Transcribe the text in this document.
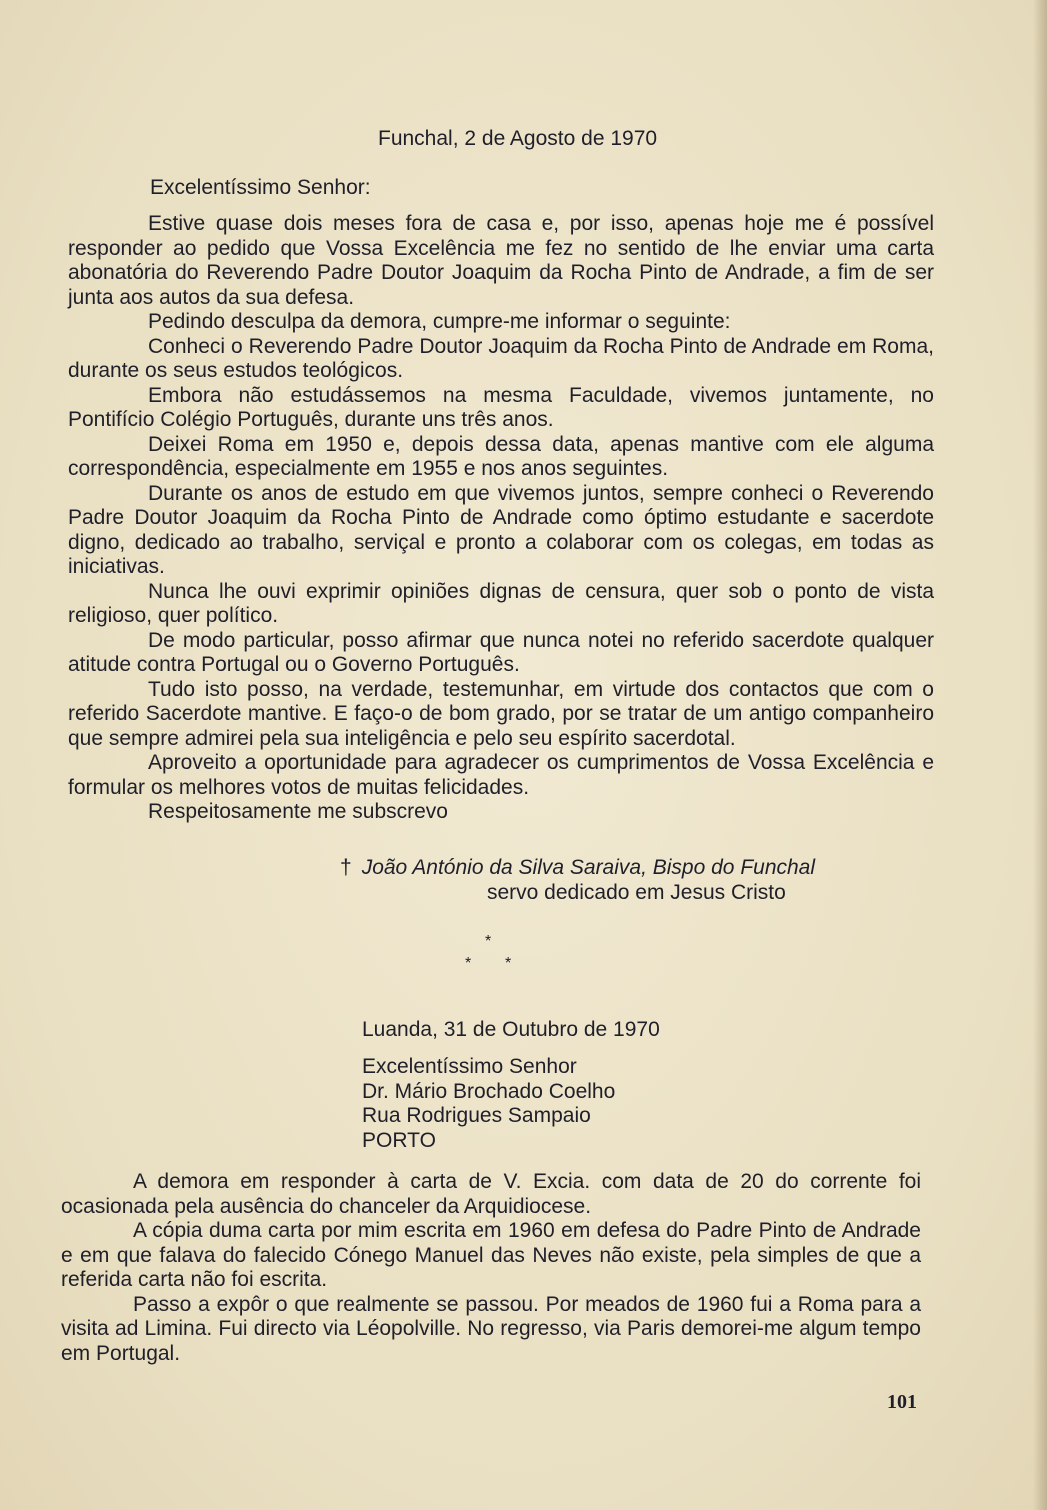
Funchal, 2 de Agosto de 1970
Excelentíssimo Senhor:

Estive quase dois meses fora de casa e, por isso, apenas hoje me é possível responder ao pedido que Vossa Excelência me fez no sentido de lhe enviar uma carta abonatória do Reverendo Padre Doutor Joaquim da Rocha Pinto de Andrade, a fim de ser junta aos autos da sua defesa.

Pedindo desculpa da demora, cumpre-me informar o seguinte:

Conheci o Reverendo Padre Doutor Joaquim da Rocha Pinto de Andrade em Roma, durante os seus estudos teológicos.

Embora não estudássemos na mesma Faculdade, vivemos juntamente, no Pontifício Colégio Português, durante uns três anos.

Deixei Roma em 1950 e, depois dessa data, apenas mantive com ele alguma correspondência, especialmente em 1955 e nos anos seguintes.

Durante os anos de estudo em que vivemos juntos, sempre conheci o Reverendo Padre Doutor Joaquim da Rocha Pinto de Andrade como óptimo estudante e sacerdote digno, dedicado ao trabalho, serviçal e pronto a colaborar com os colegas, em todas as iniciativas.

Nunca lhe ouvi exprimir opiniões dignas de censura, quer sob o ponto de vista religioso, quer político.

De modo particular, posso afirmar que nunca notei no referido sacerdote qualquer atitude contra Portugal ou o Governo Português.

Tudo isto posso, na verdade, testemunhar, em virtude dos contactos que com o referido Sacerdote mantive. E faço-o de bom grado, por se tratar de um antigo companheiro que sempre admirei pela sua inteligência e pelo seu espírito sacerdotal.

Aproveito a oportunidade para agradecer os cumprimentos de Vossa Excelência e formular os melhores votos de muitas felicidades.

Respeitosamente me subscrevo

† João António da Silva Saraiva, Bispo do Funchal
servo dedicado em Jesus Cristo
*
* *
Luanda, 31 de Outubro de 1970
Excelentíssimo Senhor
Dr. Mário Brochado Coelho
Rua Rodrigues Sampaio
PORTO

A demora em responder à carta de V. Excia. com data de 20 do corrente foi ocasionada pela ausência do chanceler da Arquidiocese.

A cópia duma carta por mim escrita em 1960 em defesa do Padre Pinto de Andrade e em que falava do falecido Cónego Manuel das Neves não existe, pela simples de que a referida carta não foi escrita.

Passo a expôr o que realmente se passou. Por meados de 1960 fui a Roma para a visita ad Limina. Fui directo via Léopolville. No regresso, via Paris demorei-me algum tempo em Portugal.

101
